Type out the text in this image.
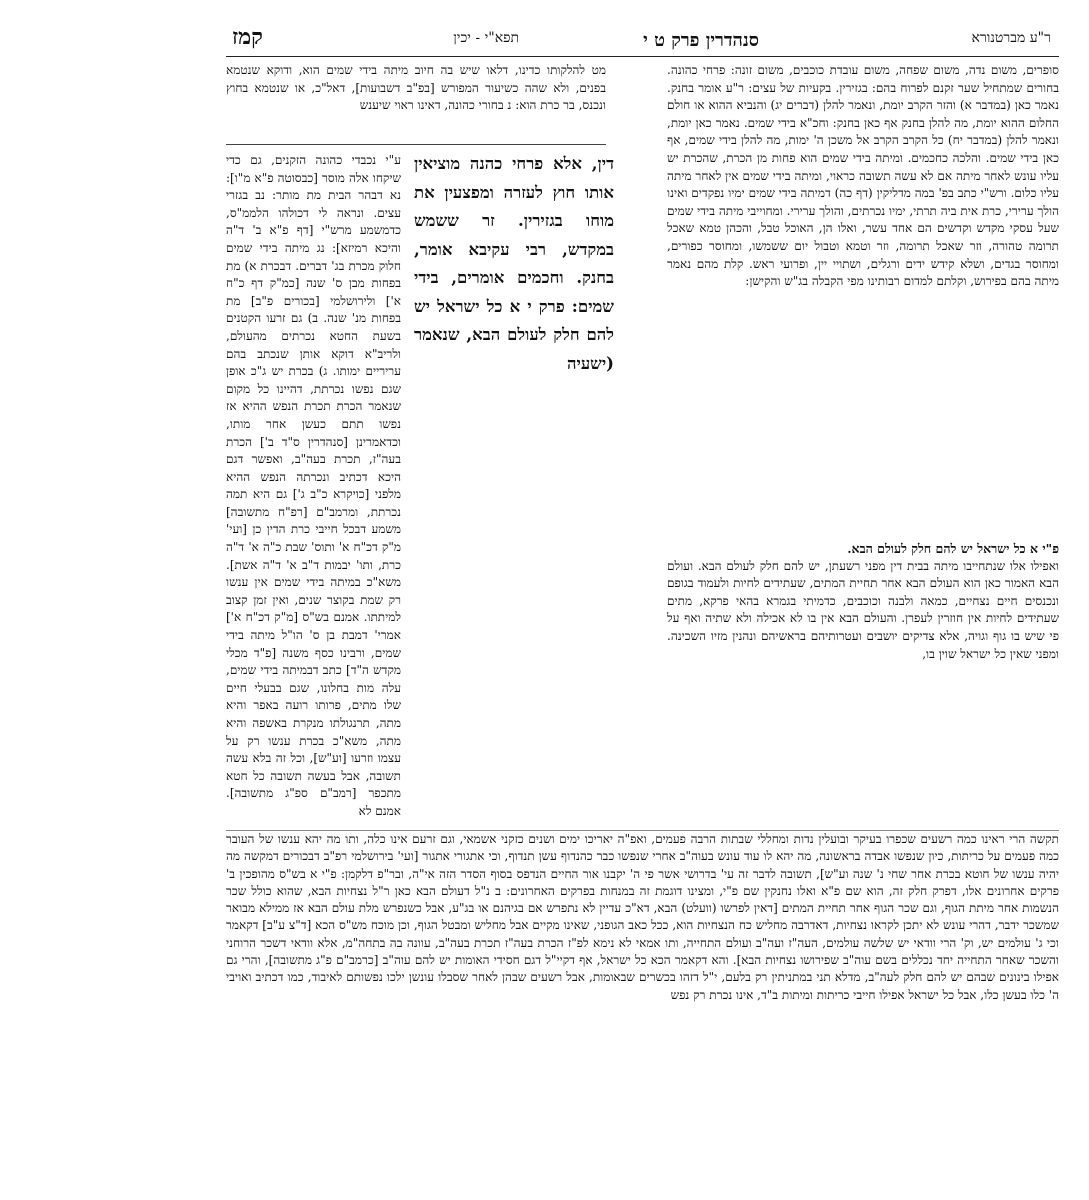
ר"ע מברטנורא
סנהדרין פרק ט י
תפא"י - יכין
קמז

סופרים, משום נדה, משום שפחה, משום עובדת כוכבים, משום זונה: פרחי כהונה. בחורים שמתחיל שער זקנם לפרוח בהם: בגזירין. בקעיות של עצים: ר"ע אומר בחנק. נאמר כאן (במדבר א) והזר הקרב יומת, ונאמר להלן (דברים יג) והנביא ההוא או חולם החלום ההוא יומת, מה להלן בחנק אף כאן בחנק: וחכ"א בידי שמים. נאמר כאן יומת, ונאמר להלן (במדבר יח) כל הקרב הקרב אל משכן ה' ימות, מה להלן בידי שמים, אף כאן בידי שמים. והלכה כחכמים. ומיתה בידי שמים הוא פחות מן הכרת, שהכרת יש עליו עונש לאחר מיתה אם לא עשה תשובה כראוי, ומיתה בידי שמים אין לאחר מיתה עליו כלום. ורש"י כתב בפ' במה מדליקין (דף כה) דמיתה בידי שמים ימיו נפקדים ואינו הולך ערירי, כרת אית ביה תרתי, ימיו נכרתים, והולך ערירי. ומחוייבי מיתה בידי שמים שעל עסקי מקדש וקדשים הם אחד עשר, ואלו הן, האוכל טבל, והכהן טמא שאכל תרומה טהורה, וזר שאכל תרומה, וזר וטמא וטבול יום ששמשו, ומחוסר כפורים, ומחוסר בגדים, ושלא קידש ידים ורגלים, ושתויי יין, ופרועי ראש. קלת מהם נאמר מיתה בהם בפירוש, וקלתם למדום רבותינו מפי הקבלה בג"ש והקישן:

מט להלקותו כדינו, דלאו שיש בה חיוב מיתה בידי שמים הוא, ודוקא שנטמא בפנים, ולא שהה כשיעור המפורש [בפ"ב דשבועות], דאל"כ, או שנטמא בחוץ ונכנס, בר כרת הוא: נ בחורי כהונה, דאינו ראוי שיענש

דין, אלא פרחי כהנה מוציאין אותו חוץ לעזרה ומפצעין את מוחו בגזירין. זר ששמש במקדש, רבי עקיבא אומר, בחנק. וחכמים אומרים, בידי שמים: פרק י א כל ישראל יש להם חלק לעולם הבא, שנאמר (ישעיה

ע"י נכבדי כהונה הזקנים, גם כדי שיקחו אלה מוסר [כבסוטה פ"א מ"ו]: נא דבהר הבית מת מותר: נב בגזרי עצים. ונראה לי דכולהו הלממ"ס, כדמשמע מרש"י [דף פ"א ב' ד"ה והיכא רמיזא]: נג מיתה בידי שמים חלוק מכרת בג' דברים. דבכרת א) מת בפחות מבן ס' שנה [כמ"ק דף כ"ח א'] ולירושלמי [בכורים פ"ב] מת בפחות מנ' שנה. ב) גם זרעו הקטנים בשעת החטא נכרתים מהעולם, ולריב"א דוקא אותן שנכתב בהם עריריים ימותו. ג) בכרת יש ג"כ אופן שגם נפשו נכרתת, דהיינו כל מקום שנאמר הכרת תכרת הנפש ההיא אז נפשו תתם כעשן אחר מותו, וכדאמרינן [סנהדרין ס"ד ב'] הכרת בעה"ז, תכרת בעה"ב, ואפשר דגם היכא דכתיב ונכרתה הנפש ההיא מלפני [כויקרא כ"ב ג'] גם היא תמה נכרתת, ומרמב"ם [רפ"ח מתשובה] משמע דבכל חייבי כרת הדין כן [ועי' מ"ק דכ"ח א' ותוס' שבת כ"ה א' ד"ה כרת, ותו' יבמות ד"ב א' ד"ה אשת]. משא"כ במיתה בידי שמים אין ענשו רק שמת בקוצר שנים, ואין זמן קצוב למיתתו. אמנם בש"ס [מ"ק דכ"ח א'] אמרי' דמבת בן ס' הו"ל מיתה בידי שמים, ורבינו כסף משנה [פ"ד מכלי מקדש ה"ד] כתב דבמיתה בידי שמים, עלה מות בחלונו, שגם בבעלי חיים שלו מתים, פרותו רועה באפר והיא מתה, תרנגולתו מנקרת באשפה והיא מתה, משא"כ בכרת ענשו רק על עצמו וזרעו [וע"ש], וכל זה בלא עשה תשובה, אבל בעשה תשובה כל חטא מתכפר [רמב"ם ספ"ג מתשובה]. אמנם לא

פ"י א כל ישראל יש להם חלק לעולם הבא.

ואפילו אלו שנתחייבו מיתה בבית דין מפני רשעתן, יש להם חלק לעולם הבא. ועולם הבא האמור כאן הוא העולם הבא אחר תחיית המתים, שעתידים לחיות ולעמוד בגופם ונכנסים חיים נצחיים, כמאה ולבנה וכוכבים, כדמיתי בגמרא בהאי פרקא, מתים שעתידים לחיות אין חוזרין לעפרן. והעולם הבא אין בו לא אכילה ולא שתיה ואף על פי שיש בו גוף וגויה, אלא צדיקים יושבים ועטרותיהם בראשיהם ונהנין מזיו השכינה. ומפני שאין כל ישראל שוין בו,

תקשה הרי ראינו כמה רשעים שכפרו בעיקר ובועלין נדות ומחללי שבתות הרבה פעמים, ואפ"ה יאריכו ימים ושנים כזקני אשמאי, וגם זרעם אינו כלה, ותו מה יהא ענשו של העובר כמה פעמים על כריתות, כיון שנפשו אבדה בראשונה, מה יהא לו עוד עונש בעוה"ב אחרי שנפשו כבר כהנדוף עשן תנדוף, וכי אתגורי אתגור [ועי' בירושלמי רפ"ב דבכורים דמקשה מה יהיה ענשו של חוטא בכרת אחר שחי נ' שנה וע"ש], תשובה לדבר זה עי' בדרושי אשר פי ה' יקבנו אור החיים הנדפס בסוף הסדר הזה אי"ה, ובר"פ דלקמן: פ"י א בש"ס מהופכין ב' פרקים אחרונים אלו, דפרק חלק זה, הוא שם פ"א ואלו נחנקין שם פ"י, ומצינו דוגמת זה במנחות בפרקים האחרונים: ב נ"ל דעולם הבא כאן ר"ל נצחיות הבא, שהוא כולל שכר הנשמות אחר מיתת הגוף, וגם שכר הגוף אחר תחיית המתים [דאין לפרשו (וועלט) הבא, דא"כ עדיין לא נתפרש אם בגיהנם או בג"ע, אבל כשנפרש מלת עולם הבא אז ממילא מבואר שמשכר ידבר, דהרי עונש לא יתכן לקראו נצחיות, דאדרבה מחליש כח הנצחיות הוא, ככל כאב הגופני, שאינו מקיים אבל מחליש ומבטל הגוף, וכן מוכח מש"ס הכא [ד"צ ע"ב] דקאמר וכי ג' עולמים יש, וק' הרי וודאי יש שלשה עולמים, העה"ז ועה"ב ועולם התחייה, ותו אמאי לא נימא לפ"ז הכרת בעה"ז תכרת בעה"ב, עוונה בה בתחה"מ, אלא וודאי דשכר הרוחני והשכר שאחר התחייה יחד נכללים בשם עוה"ב שפירושו נצחיות הבא]. והא דקאמר הכא כל ישראל, אף דקיי"ל דגם חסידי האומות יש להם עוה"ב [כרמב"ם פ"ג מתשובה], והרי גם אפילו בינונים שבהם יש להם חלק לעה"ב, מדלא תני במתניתין רק בלעם, י"ל דזהו בכשרים שבאומות, אבל רשעים שבהן לאחר שסבלו עונשן ילכו נפשותם לאיבוד, כמו דכתיב ואויבי ה' כלו בעשן כלו, אבל כל ישראל אפילו חייבי כריתות ומיתות ב"ד, אינו נכרת רק נפש
